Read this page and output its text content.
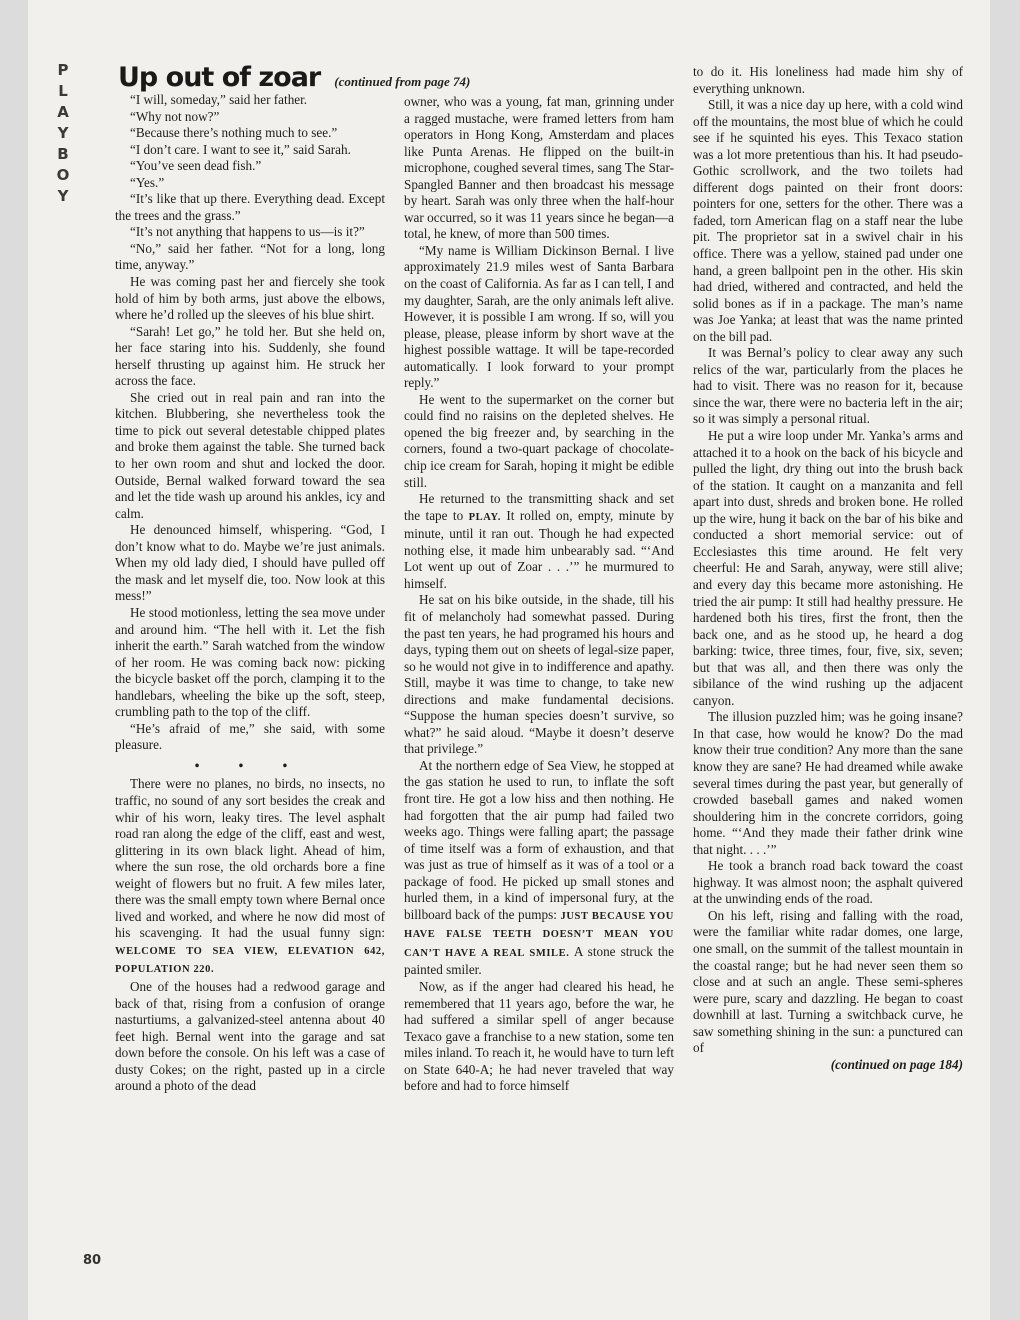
P
L
A
Y
B
O
Y
Up out of zoar (continued from page 74)

“I will, someday,” said her father.

“Why not now?”

“Because there’s nothing much to see.”

“I don’t care. I want to see it,” said Sarah.

“You’ve seen dead fish.”

“Yes.”

“It’s like that up there. Everything dead. Except the trees and the grass.”

“It’s not anything that happens to us—is it?”

“No,” said her father. “Not for a long, long time, anyway.”

He was coming past her and fiercely she took hold of him by both arms, just above the elbows, where he’d rolled up the sleeves of his blue shirt.

“Sarah! Let go,” he told her. But she held on, her face staring into his. Suddenly, she found herself thrusting up against him. He struck her across the face.

She cried out in real pain and ran into the kitchen. Blubbering, she nevertheless took the time to pick out several detestable chipped plates and broke them against the table. She turned back to her own room and shut and locked the door. Outside, Bernal walked forward toward the sea and let the tide wash up around his ankles, icy and calm.

He denounced himself, whispering. “God, I don’t know what to do. Maybe we’re just animals. When my old lady died, I should have pulled off the mask and let myself die, too. Now look at this mess!”

He stood motionless, letting the sea move under and around him. “The hell with it. Let the fish inherit the earth.” Sarah watched from the window of her room. He was coming back now: picking the bicycle basket off the porch, clamping it to the handlebars, wheeling the bike up the soft, steep, crumbling path to the top of the cliff.

“He’s afraid of me,” she said, with some pleasure.

• • •

There were no planes, no birds, no insects, no traffic, no sound of any sort besides the creak and whir of his worn, leaky tires. The level asphalt road ran along the edge of the cliff, east and west, glittering in its own black light. Ahead of him, where the sun rose, the old orchards bore a fine weight of flowers but no fruit. A few miles later, there was the small empty town where Bernal once lived and worked, and where he now did most of his scavenging. It had the usual funny sign: WELCOME TO SEA VIEW, ELEVATION 642, POPULATION 220.

One of the houses had a redwood garage and back of that, rising from a confusion of orange nasturtiums, a galvanized-steel antenna about 40 feet high. Bernal went into the garage and sat down before the console. On his left was a case of dusty Cokes; on the right, pasted up in a circle around a photo of the dead

owner, who was a young, fat man, grinning under a ragged mustache, were framed letters from ham operators in Hong Kong, Amsterdam and places like Punta Arenas. He flipped on the built-in microphone, coughed several times, sang The Star-Spangled Banner and then broadcast his message by heart. Sarah was only three when the half-hour war occurred, so it was 11 years since he began—a total, he knew, of more than 500 times.

“My name is William Dickinson Bernal. I live approximately 21.9 miles west of Santa Barbara on the coast of California. As far as I can tell, I and my daughter, Sarah, are the only animals left alive. However, it is possible I am wrong. If so, will you please, please, please inform by short wave at the highest possible wattage. It will be tape-recorded automatically. I look forward to your prompt reply.”

He went to the supermarket on the corner but could find no raisins on the depleted shelves. He opened the big freezer and, by searching in the corners, found a two-quart package of chocolate-chip ice cream for Sarah, hoping it might be edible still.

He returned to the transmitting shack and set the tape to PLAY. It rolled on, empty, minute by minute, until it ran out. Though he had expected nothing else, it made him unbearably sad. “‘And Lot went up out of Zoar . . .’” he murmured to himself.

He sat on his bike outside, in the shade, till his fit of melancholy had somewhat passed. During the past ten years, he had programed his hours and days, typing them out on sheets of legal-size paper, so he would not give in to indifference and apathy. Still, maybe it was time to change, to take new directions and make fundamental decisions. “Suppose the human species doesn’t survive, so what?” he said aloud. “Maybe it doesn’t deserve that privilege.”

At the northern edge of Sea View, he stopped at the gas station he used to run, to inflate the soft front tire. He got a low hiss and then nothing. He had forgotten that the air pump had failed two weeks ago. Things were falling apart; the passage of time itself was a form of exhaustion, and that was just as true of himself as it was of a tool or a package of food. He picked up small stones and hurled them, in a kind of impersonal fury, at the billboard back of the pumps: JUST BECAUSE YOU HAVE FALSE TEETH DOESN’T MEAN YOU CAN’T HAVE A REAL SMILE. A stone struck the painted smiler.

Now, as if the anger had cleared his head, he remembered that 11 years ago, before the war, he had suffered a similar spell of anger because Texaco gave a franchise to a new station, some ten miles inland. To reach it, he would have to turn left on State 640-A; he had never traveled that way before and had to force himself

to do it. His loneliness had made him shy of everything unknown.

Still, it was a nice day up here, with a cold wind off the mountains, the most blue of which he could see if he squinted his eyes. This Texaco station was a lot more pretentious than his. It had pseudo-Gothic scrollwork, and the two toilets had different dogs painted on their front doors: pointers for one, setters for the other. There was a faded, torn American flag on a staff near the lube pit. The proprietor sat in a swivel chair in his office. There was a yellow, stained pad under one hand, a green ballpoint pen in the other. His skin had dried, withered and contracted, and held the solid bones as if in a package. The man’s name was Joe Yanka; at least that was the name printed on the bill pad.

It was Bernal’s policy to clear away any such relics of the war, particularly from the places he had to visit. There was no reason for it, because since the war, there were no bacteria left in the air; so it was simply a personal ritual.

He put a wire loop under Mr. Yanka’s arms and attached it to a hook on the back of his bicycle and pulled the light, dry thing out into the brush back of the station. It caught on a manzanita and fell apart into dust, shreds and broken bone. He rolled up the wire, hung it back on the bar of his bike and conducted a short memorial service: out of Ecclesiastes this time around. He felt very cheerful: He and Sarah, anyway, were still alive; and every day this became more astonishing. He tried the air pump: It still had healthy pressure. He hardened both his tires, first the front, then the back one, and as he stood up, he heard a dog barking: twice, three times, four, five, six, seven; but that was all, and then there was only the sibilance of the wind rushing up the adjacent canyon.

The illusion puzzled him; was he going insane? In that case, how would he know? Do the mad know their true condition? Any more than the sane know they are sane? He had dreamed while awake several times during the past year, but generally of crowded baseball games and naked women shouldering him in the concrete corridors, going home. “‘And they made their father drink wine that night. . . .’”

He took a branch road back toward the coast highway. It was almost noon; the asphalt quivered at the unwinding ends of the road.

On his left, rising and falling with the road, were the familiar white radar domes, one large, one small, on the summit of the tallest mountain in the coastal range; but he had never seen them so close and at such an angle. These semi-spheres were pure, scary and dazzling. He began to coast downhill at last. Turning a switchback curve, he saw something shining in the sun: a punctured can of

(continued on page 184)

80
